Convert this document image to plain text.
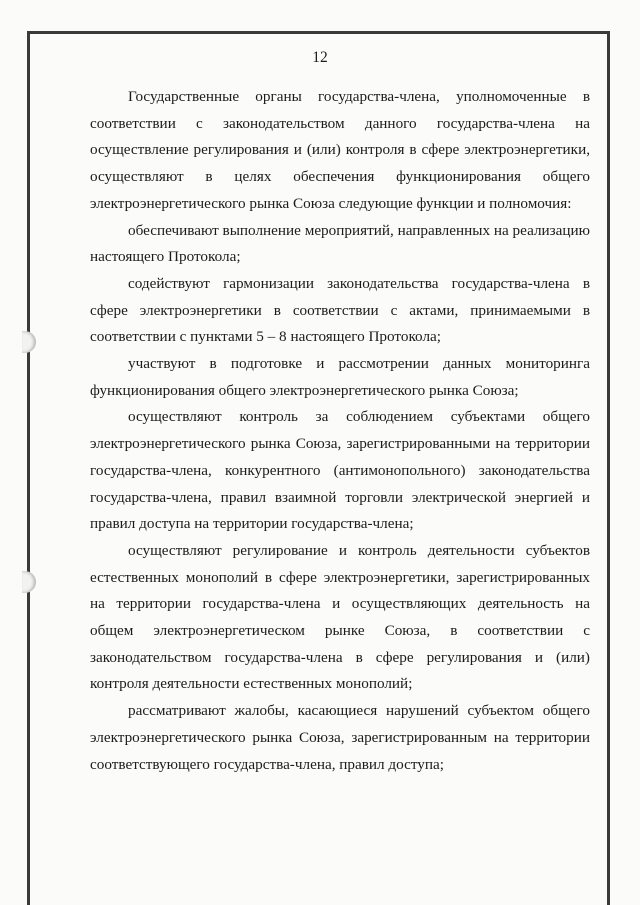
12

Государственные органы государства-члена, уполномоченные в соответствии с законодательством данного государства-члена на осуществление регулирования и (или) контроля в сфере электроэнергетики, осуществляют в целях обеспечения функционирования общего электроэнергетического рынка Союза следующие функции и полномочия:

обеспечивают выполнение мероприятий, направленных на реализацию настоящего Протокола;

содействуют гармонизации законодательства государства-члена в сфере электроэнергетики в соответствии с актами, принимаемыми в соответствии с пунктами 5 – 8 настоящего Протокола;

участвуют в подготовке и рассмотрении данных мониторинга функционирования общего электроэнергетического рынка Союза;

осуществляют контроль за соблюдением субъектами общего электроэнергетического рынка Союза, зарегистрированными на территории государства-члена, конкурентного (антимонопольного) законодательства государства-члена, правил взаимной торговли электрической энергией и правил доступа на территории государства-члена;

осуществляют регулирование и контроль деятельности субъектов естественных монополий в сфере электроэнергетики, зарегистрированных на территории государства-члена и осуществляющих деятельность на общем электроэнергетическом рынке Союза, в соответствии с законодательством государства-члена в сфере регулирования и (или) контроля деятельности естественных монополий;

рассматривают жалобы, касающиеся нарушений субъектом общего электроэнергетического рынка Союза, зарегистрированным на территории соответствующего государства-члена, правил доступа;
